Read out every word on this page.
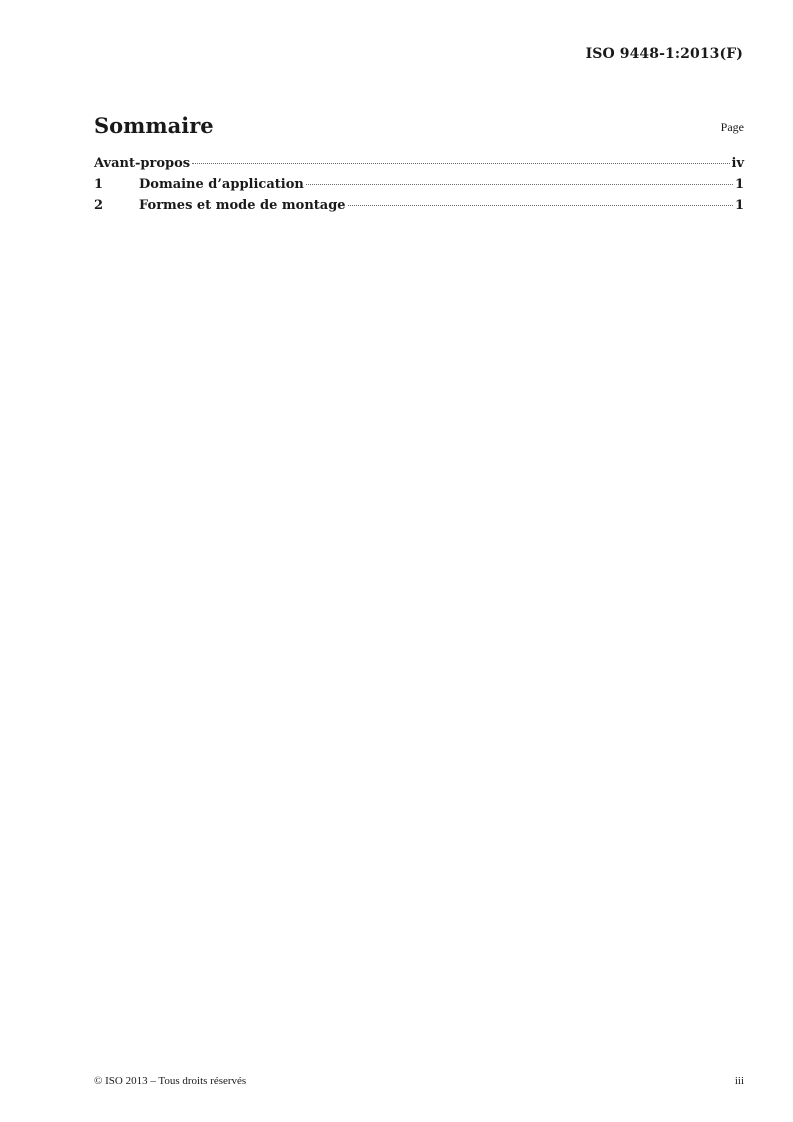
ISO 9448-1:2013(F)
Sommaire	Page
Avant-propos	iv
1	Domaine d’application	1
2	Formes et mode de montage	1
© ISO 2013 – Tous droits réservés	iii
